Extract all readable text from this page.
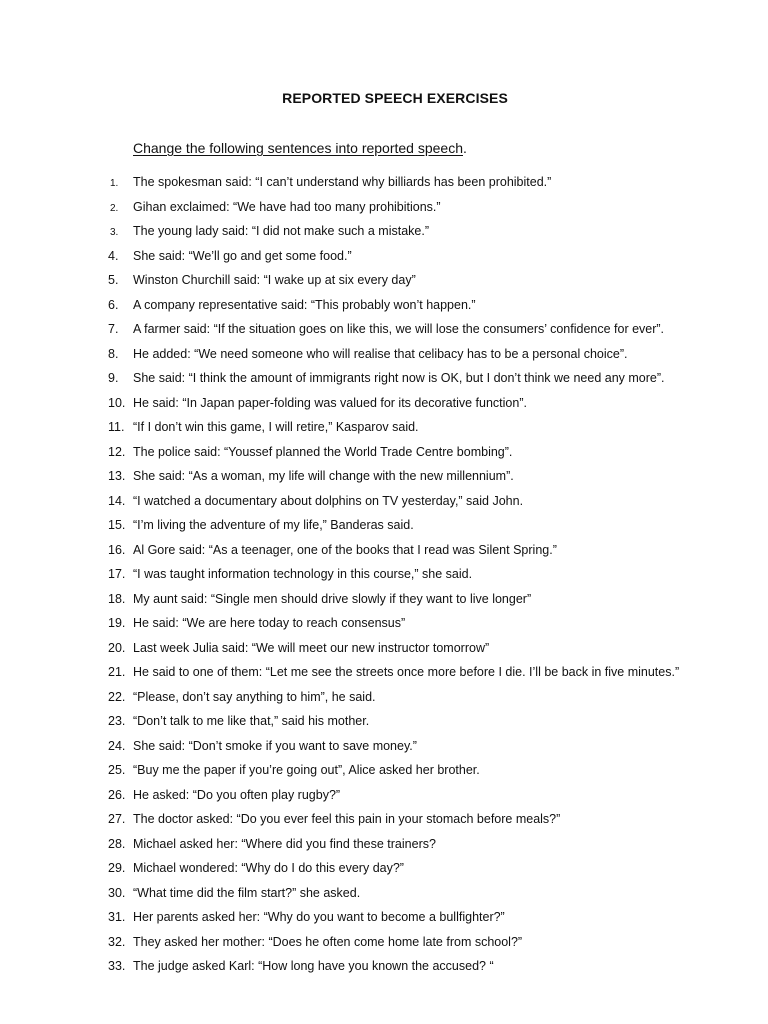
REPORTED SPEECH EXERCISES
Change the following sentences into reported speech.
1.	The spokesman said: “I can’t understand why billiards has been prohibited.”
2.	Gihan exclaimed: “We have had too many prohibitions.”
3.	The young lady said: “I did not make such a mistake.”
4.	She said: “We’ll go and get some food.”
5.	Winston Churchill said: “I wake up at six every day”
6.	A company representative said: “This probably won’t happen.”
7.	A farmer said: “If the situation goes on like this, we will lose the consumers’ confidence for ever”.
8.	He added: “We need someone who will realise that celibacy has to be a personal choice”.
9.	She said: “I think the amount of immigrants right now is OK, but I don’t think we need any more”.
10. He said: “In Japan paper-folding was valued for its decorative function”.
11. “If I don’t win this game, I will retire,” Kasparov said.
12. The police said: “Youssef planned the World Trade Centre bombing”.
13. She said: “As a woman, my life will change with the new millennium”.
14. “I watched a documentary about dolphins on TV yesterday,” said John.
15. “I’m living the adventure of my life,” Banderas said.
16. Al Gore said: “As a teenager, one of the books that I read was Silent Spring.”
17. “I was taught information technology in this course,” she said.
18. My aunt said: “Single men should drive slowly if they want to live longer”
19. He said: “We are here today to reach consensus”
20. Last week Julia said: “We will meet our new instructor tomorrow”
21. He said to one of them: “Let me see the streets once more before I die. I’ll be back in five minutes.”
22. “Please, don’t say anything to him”, he said.
23. “Don’t talk to me like that,” said his mother.
24. She said: “Don’t smoke if you want to save money.”
25. “Buy me the paper if you’re going out”, Alice asked her brother.
26. He asked: “Do you often play rugby?”
27. The doctor asked: “Do you ever feel this pain in your stomach before meals?”
28. Michael asked her: “Where did you find these trainers?
29. Michael wondered: “Why do I do this every day?”
30. “What time did the film start?” she asked.
31. Her parents asked her: “Why do you want to become a bullfighter?”
32. They asked her mother: “Does he often come home late from school?”
33. The judge asked Karl: “How long have you known the accused? “
